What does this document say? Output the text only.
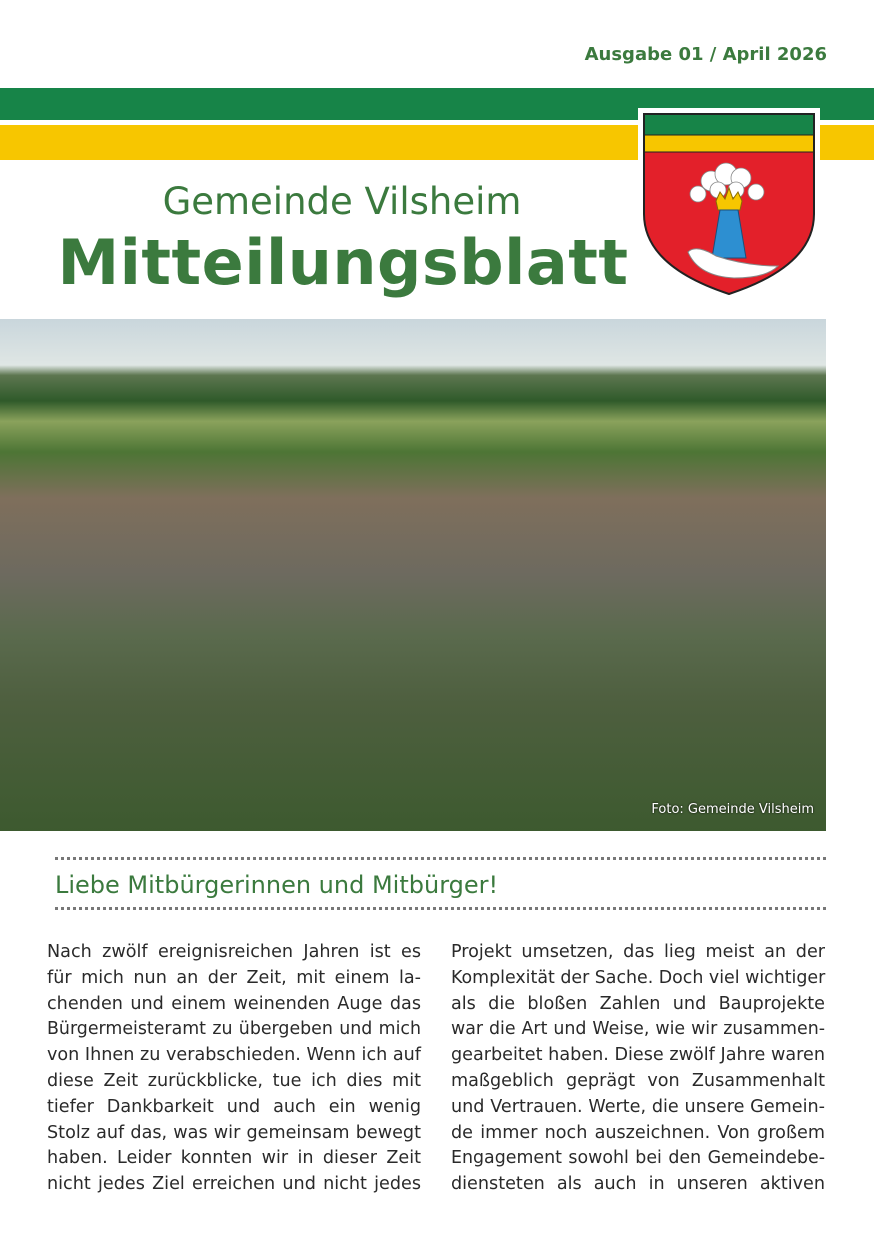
Ausgabe 01 / April 2026
Gemeinde Vilsheim
Mitteilungsblatt
Foto: Gemeinde Vilsheim
Liebe Mitbürgerinnen und Mitbürger!
Nach zwölf ereignisreichen Jahren ist es
für mich nun an der Zeit, mit einem la-
chenden und einem weinenden Auge das
Bürgermeisteramt zu übergeben und mich
von Ihnen zu verabschieden. Wenn ich auf
diese Zeit zurückblicke, tue ich dies mit
tiefer Dankbarkeit und auch ein wenig
Stolz auf das, was wir gemeinsam bewegt
haben. Leider konnten wir in dieser Zeit
nicht jedes Ziel erreichen und nicht jedes
Projekt umsetzen, das lieg meist an der
Komplexität der Sache. Doch viel wichtiger
als die bloßen Zahlen und Bauprojekte
war die Art und Weise, wie wir zusammen-
gearbeitet haben. Diese zwölf Jahre waren
maßgeblich geprägt von Zusammenhalt
und Vertrauen. Werte, die unsere Gemein-
de immer noch auszeichnen. Von großem
Engagement sowohl bei den Gemeindebe-
diensteten als auch in unseren aktiven
